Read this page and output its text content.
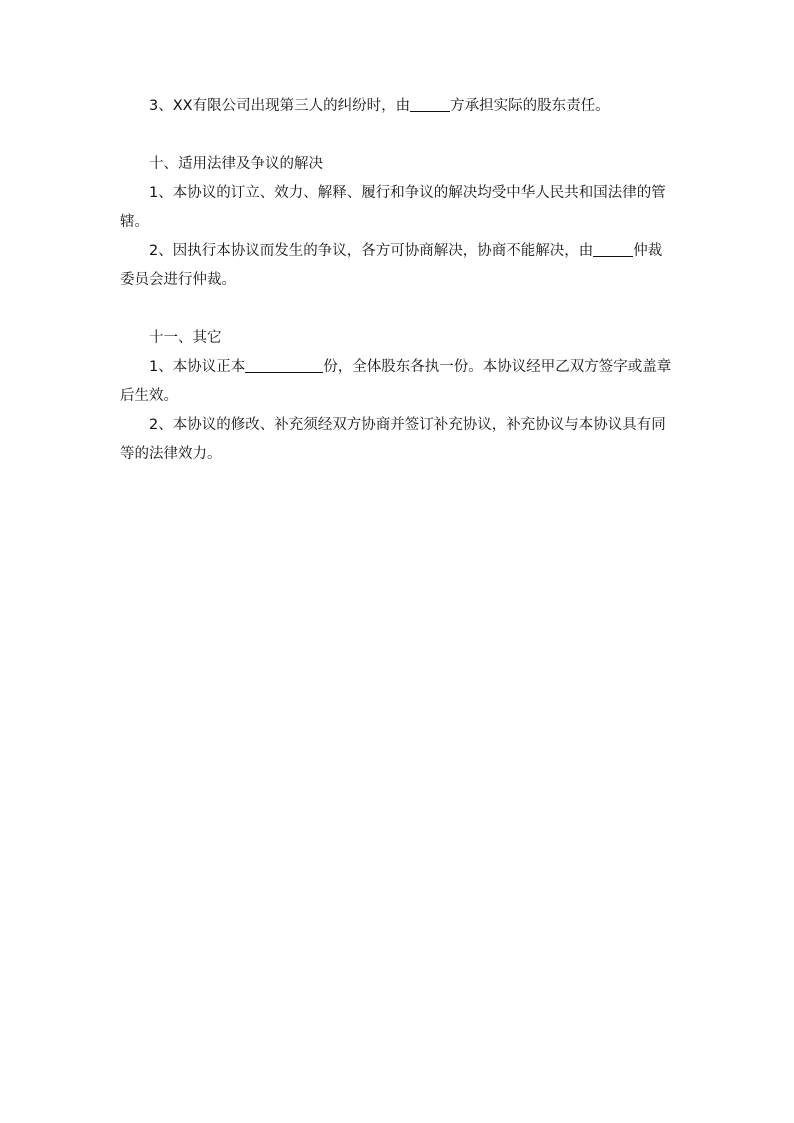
3、XX有限公司出现第三人的纠纷时，由	方承担实际的股东责任。

十、适用法律及争议的解决

1、本协议的订立、效力、解释、履行和争议的解决均受中华人民共和国法律的管辖。

2、因执行本协议而发生的争议，各方可协商解决，协商不能解决，由	仲裁委员会进行仲裁。

十一、其它

1、本协议正本	份，全体股东各执一份。本协议经甲乙双方签字或盖章后生效。

2、本协议的修改、补充须经双方协商并签订补充协议，补充协议与本协议具有同等的法律效力。
